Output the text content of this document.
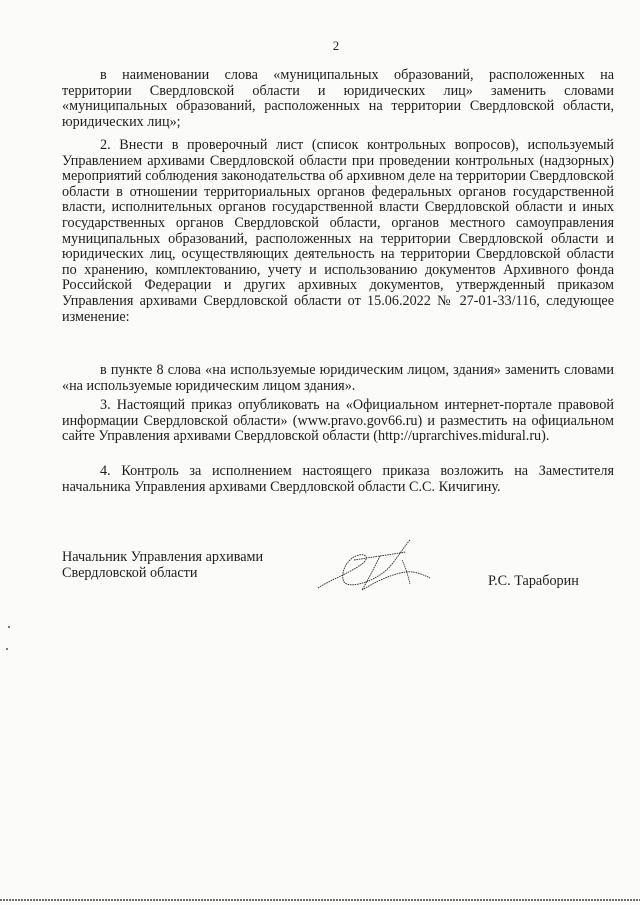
2

в наименовании слова «муниципальных образований, расположенных на территории Свердловской области и юридических лиц» заменить словами «муниципальных образований, расположенных на территории Свердловской области, юридических лиц»;

2. Внести в проверочный лист (список контрольных вопросов), используемый Управлением архивами Свердловской области при проведении контрольных (надзорных) мероприятий соблюдения законодательства об архивном деле на территории Свердловской области в отношении территориальных органов федеральных органов государственной власти, исполнительных органов государственной власти Свердловской области и иных государственных органов Свердловской области, органов местного самоуправления муниципальных образований, расположенных на территории Свердловской области и юридических лиц, осуществляющих деятельность на территории Свердловской области по хранению, комплектованию, учету и использованию документов Архивного фонда Российской Федерации и других архивных документов, утвержденный приказом Управления архивами Свердловской области от 15.06.2022 № 27-01-33/116, следующее изменение:

в пункте 8 слова «на используемые юридическим лицом, здания» заменить словами «на используемые юридическим лицом здания».

3. Настоящий приказ опубликовать на «Официальном интернет-портале правовой информации Свердловской области» (www.pravo.gov66.ru) и разместить на официальном сайте Управления архивами Свердловской области (http://uprarchives.midural.ru).

4. Контроль за исполнением настоящего приказа возложить на Заместителя начальника Управления архивами Свердловской области С.С. Кичигину.

Начальник Управления архивами
Свердловской области
Р.С. Тараборин
